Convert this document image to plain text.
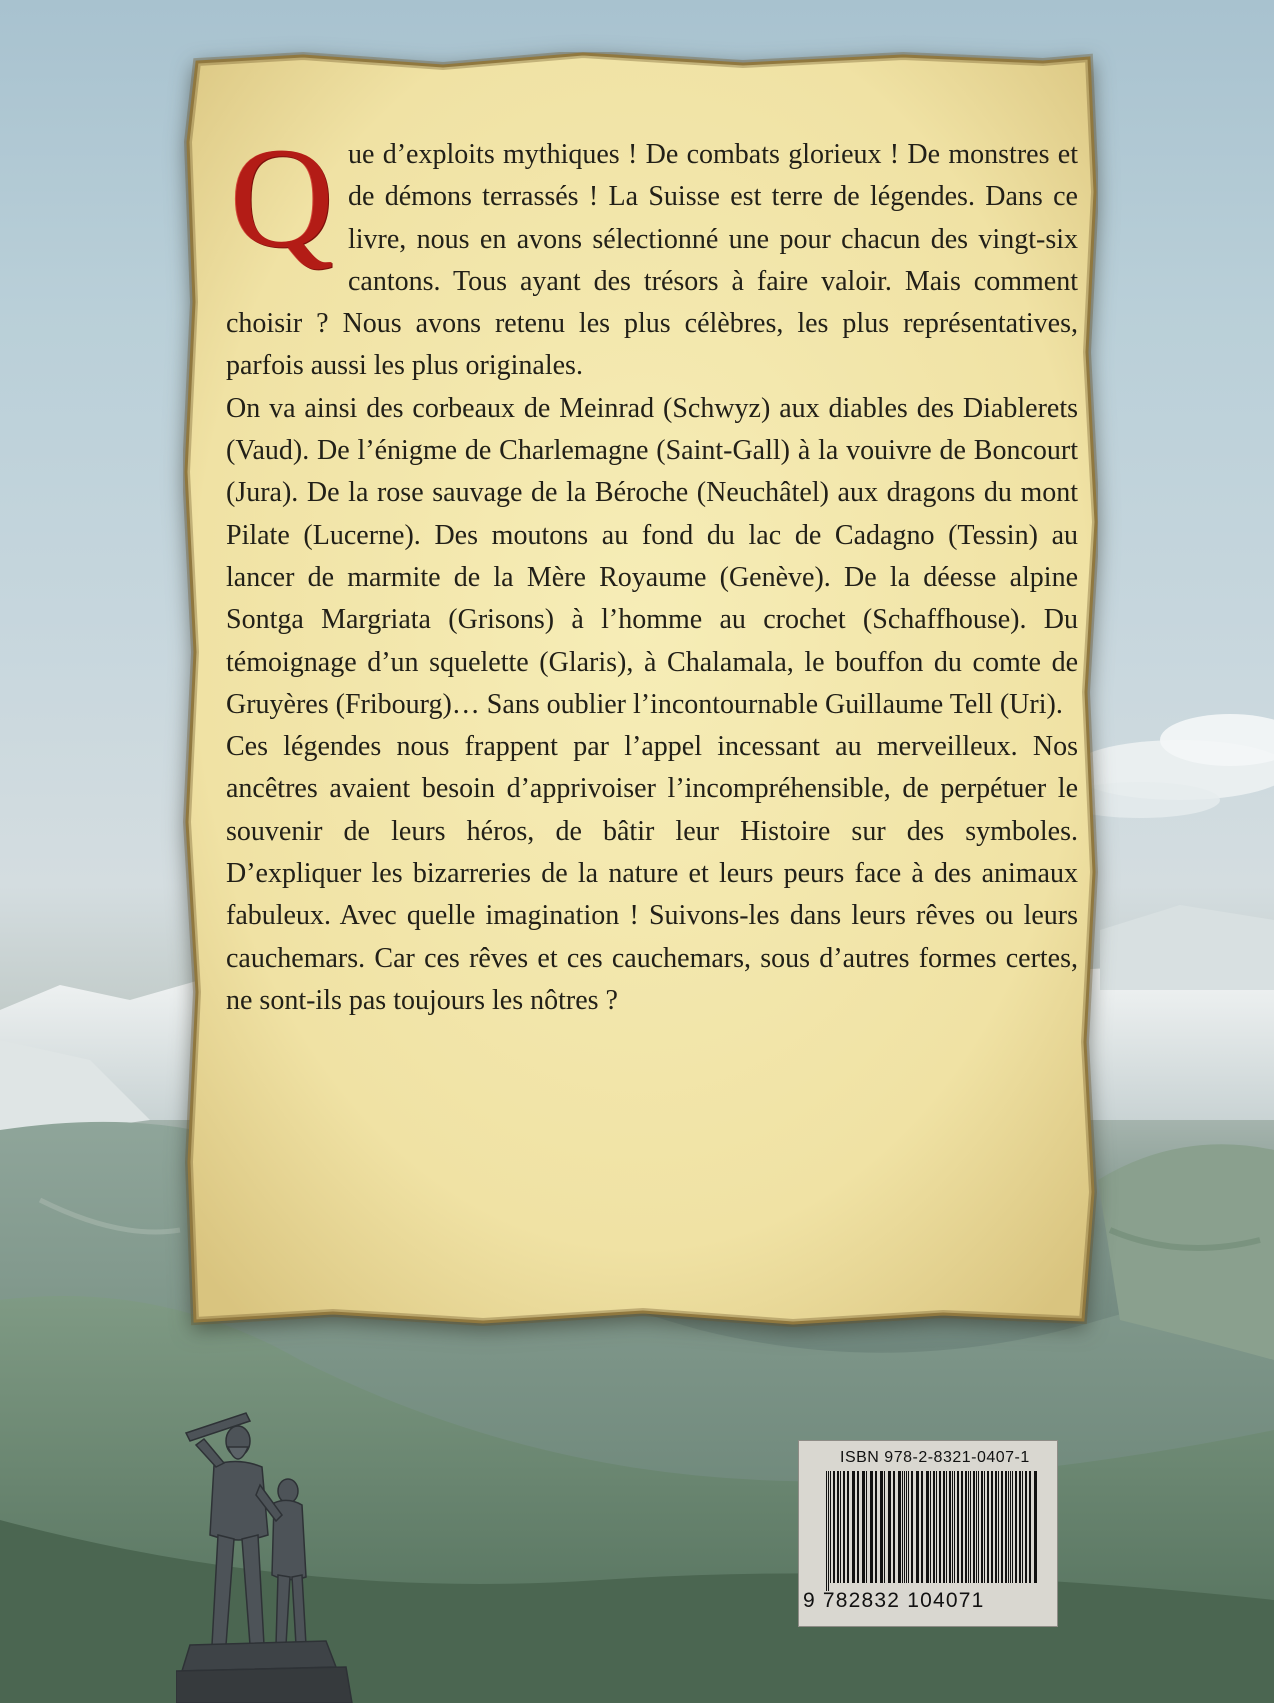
Que d’exploits mythiques ! De combats glorieux ! De monstres et de démons terrassés ! La Suisse est terre de légendes. Dans ce livre, nous en avons sélectionné une pour chacun des vingt-six cantons. Tous ayant des trésors à faire valoir. Mais comment choisir ? Nous avons retenu les plus célèbres, les plus représentatives, parfois aussi les plus originales.

On va ainsi des corbeaux de Meinrad (Schwyz) aux diables des Diablerets (Vaud). De l’énigme de Charlemagne (Saint-Gall) à la vouivre de Boncourt (Jura). De la rose sauvage de la Béroche (Neuchâtel) aux dragons du mont Pilate (Lucerne). Des moutons au fond du lac de Cadagno (Tessin) au lancer de marmite de la Mère Royaume (Genève). De la déesse alpine Sontga Margriata (Grisons) à l’homme au crochet (Schaffhouse). Du témoignage d’un squelette (Glaris), à Chalamala, le bouffon du comte de Gruyères (Fribourg)… Sans oublier l’incontournable Guillaume Tell (Uri).

Ces légendes nous frappent par l’appel incessant au merveilleux. Nos ancêtres avaient besoin d’apprivoiser l’incompréhensible, de perpétuer le souvenir de leurs héros, de bâtir leur Histoire sur des symboles. D’expliquer les bizarreries de la nature et leurs peurs face à des animaux fabuleux. Avec quelle imagination ! Suivons-les dans leurs rêves ou leurs cauchemars. Car ces rêves et ces cauchemars, sous d’autres formes certes, ne sont-ils pas toujours les nôtres ?

ISBN 978-2-8321-0407-1
9 782832 104071
